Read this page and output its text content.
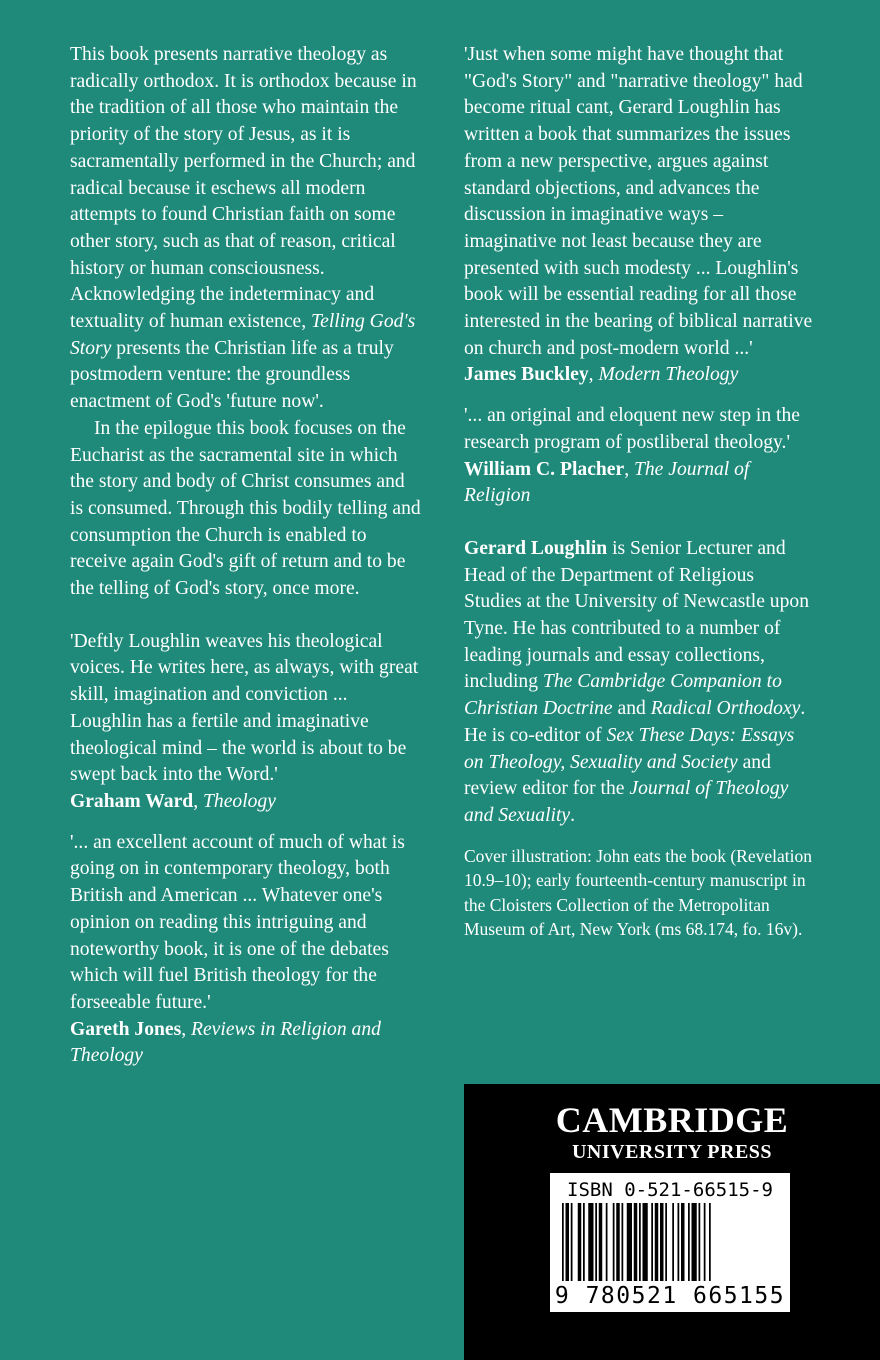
This book presents narrative theology as radically orthodox. It is orthodox because in the tradition of all those who maintain the priority of the story of Jesus, as it is sacramentally performed in the Church; and radical because it eschews all modern attempts to found Christian faith on some other story, such as that of reason, critical history or human consciousness. Acknowledging the indeterminacy and textuality of human existence, Telling God's Story presents the Christian life as a truly postmodern venture: the groundless enactment of God's 'future now'.

In the epilogue this book focuses on the Eucharist as the sacramental site in which the story and body of Christ consumes and is consumed. Through this bodily telling and consumption the Church is enabled to receive again God's gift of return and to be the telling of God's story, once more.

'Deftly Loughlin weaves his theological voices. He writes here, as always, with great skill, imagination and conviction ... Loughlin has a fertile and imaginative theological mind – the world is about to be swept back into the Word.'
Graham Ward, Theology

'... an excellent account of much of what is going on in contemporary theology, both British and American ... Whatever one's opinion on reading this intriguing and noteworthy book, it is one of the debates which will fuel British theology for the forseeable future.'
Gareth Jones, Reviews in Religion and Theology

'Just when some might have thought that "God's Story" and "narrative theology" had become ritual cant, Gerard Loughlin has written a book that summarizes the issues from a new perspective, argues against standard objections, and advances the discussion in imaginative ways – imaginative not least because they are presented with such modesty ... Loughlin's book will be essential reading for all those interested in the bearing of biblical narrative on church and post-modern world ...'
James Buckley, Modern Theology

'... an original and eloquent new step in the research program of postliberal theology.'
William C. Placher, The Journal of Religion

Gerard Loughlin is Senior Lecturer and Head of the Department of Religious Studies at the University of Newcastle upon Tyne. He has contributed to a number of leading journals and essay collections, including The Cambridge Companion to Christian Doctrine and Radical Orthodoxy. He is co-editor of Sex These Days: Essays on Theology, Sexuality and Society and review editor for the Journal of Theology and Sexuality.

Cover illustration: John eats the book (Revelation 10.9–10); early fourteenth-century manuscript in the Cloisters Collection of the Metropolitan Museum of Art, New York (ms 68.174, fo. 16v).

CAMBRIDGE
UNIVERSITY PRESS
ISBN 0-521-66515-9
9 780521 665155
